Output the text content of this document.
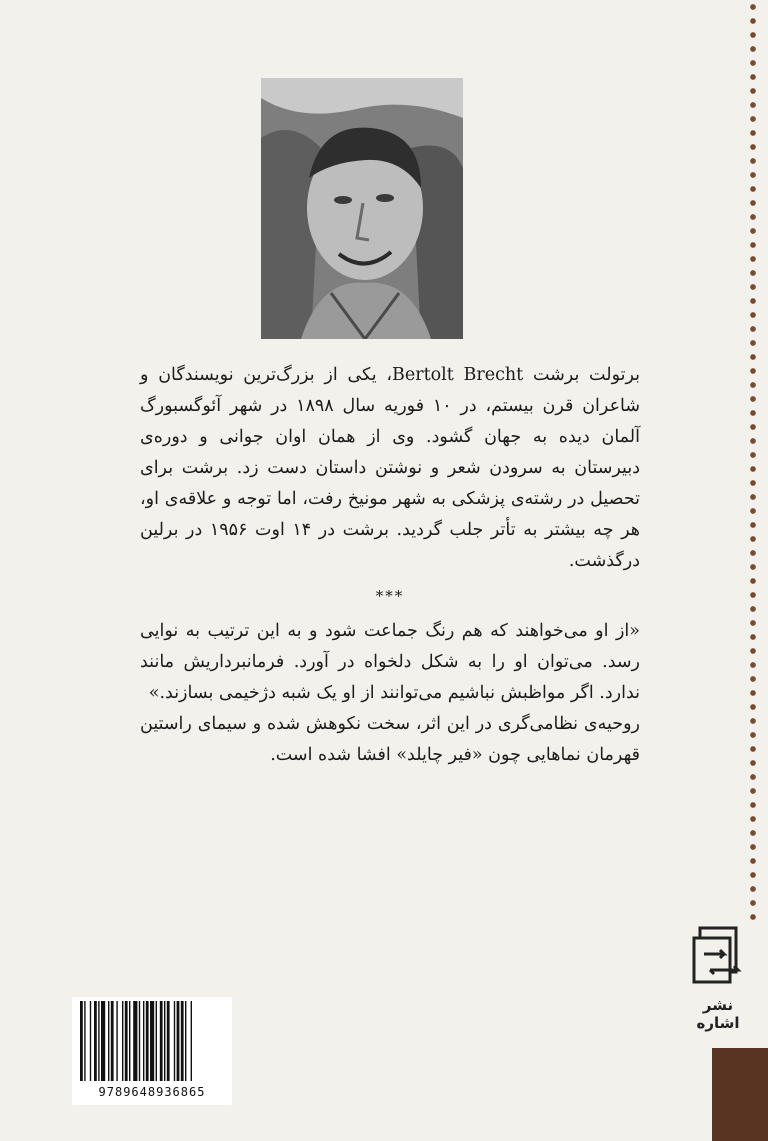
برتولت برشت Bertolt Brecht، یکی از بزرگ‌ترین نویسندگان و شاعران قرن بیستم، در ۱۰ فوریه سال ۱۸۹۸ در شهر آئوگسبورگ آلمان دیده به جهان گشود. وی از همان اوان جوانی و دوره‌ی دبیرستان به سرودن شعر و نوشتن داستان دست زد. برشت برای تحصیل در رشته‌ی پزشکی به شهر مونیخ رفت، اما توجه و علاقه‌ی او، هر چه بیشتر به تأتر جلب گردید. برشت در ۱۴ اوت ۱۹۵۶ در برلین درگذشت.

***

«از او می‌خواهند که هم رنگ جماعت شود و به این ترتیب به نوایی رسد. می‌توان او را به شکل دلخواه در آورد. فرمانبرداریش مانند ندارد. اگر مواظبش نباشیم می‌توانند از او یک شبه دژخیمی بسازند.»

روحیه‌ی نظامی‌گری در این اثر، سخت نکوهش شده و سیمای راستین قهرمان نماهایی چون «فیر چایلد» افشا شده است.

نشر اشاره
9789648936865
